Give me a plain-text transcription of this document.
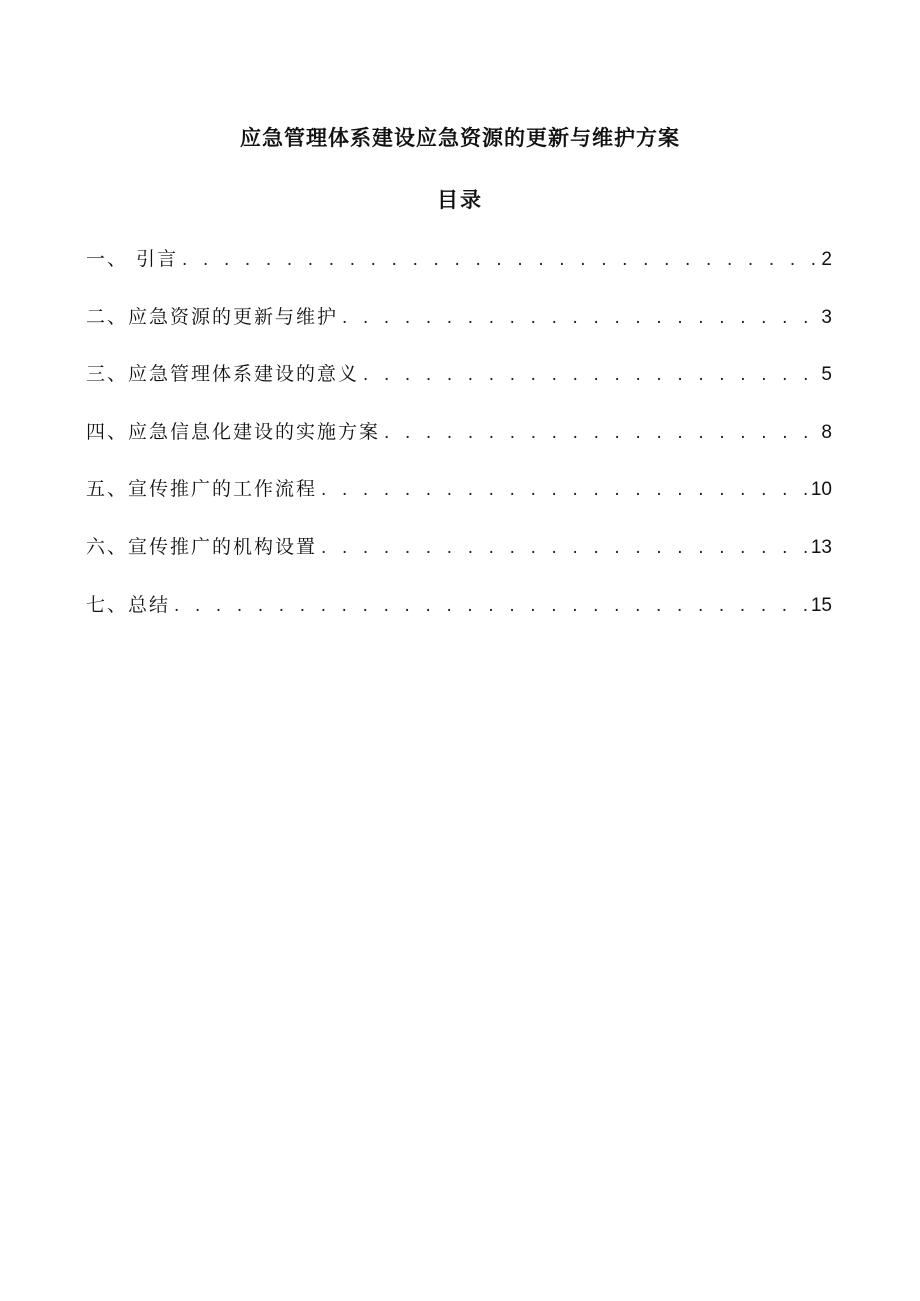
应急管理体系建设应急资源的更新与维护方案
目录
一、 引言 . . .	2
二、应急资源的更新与维护 . . .	3
三、应急管理体系建设的意义 . . .	5
四、应急信息化建设的实施方案 . . .	8
五、宣传推广的工作流程 . . .	10
六、宣传推广的机构设置 . . .	13
七、总结 . . .	15
